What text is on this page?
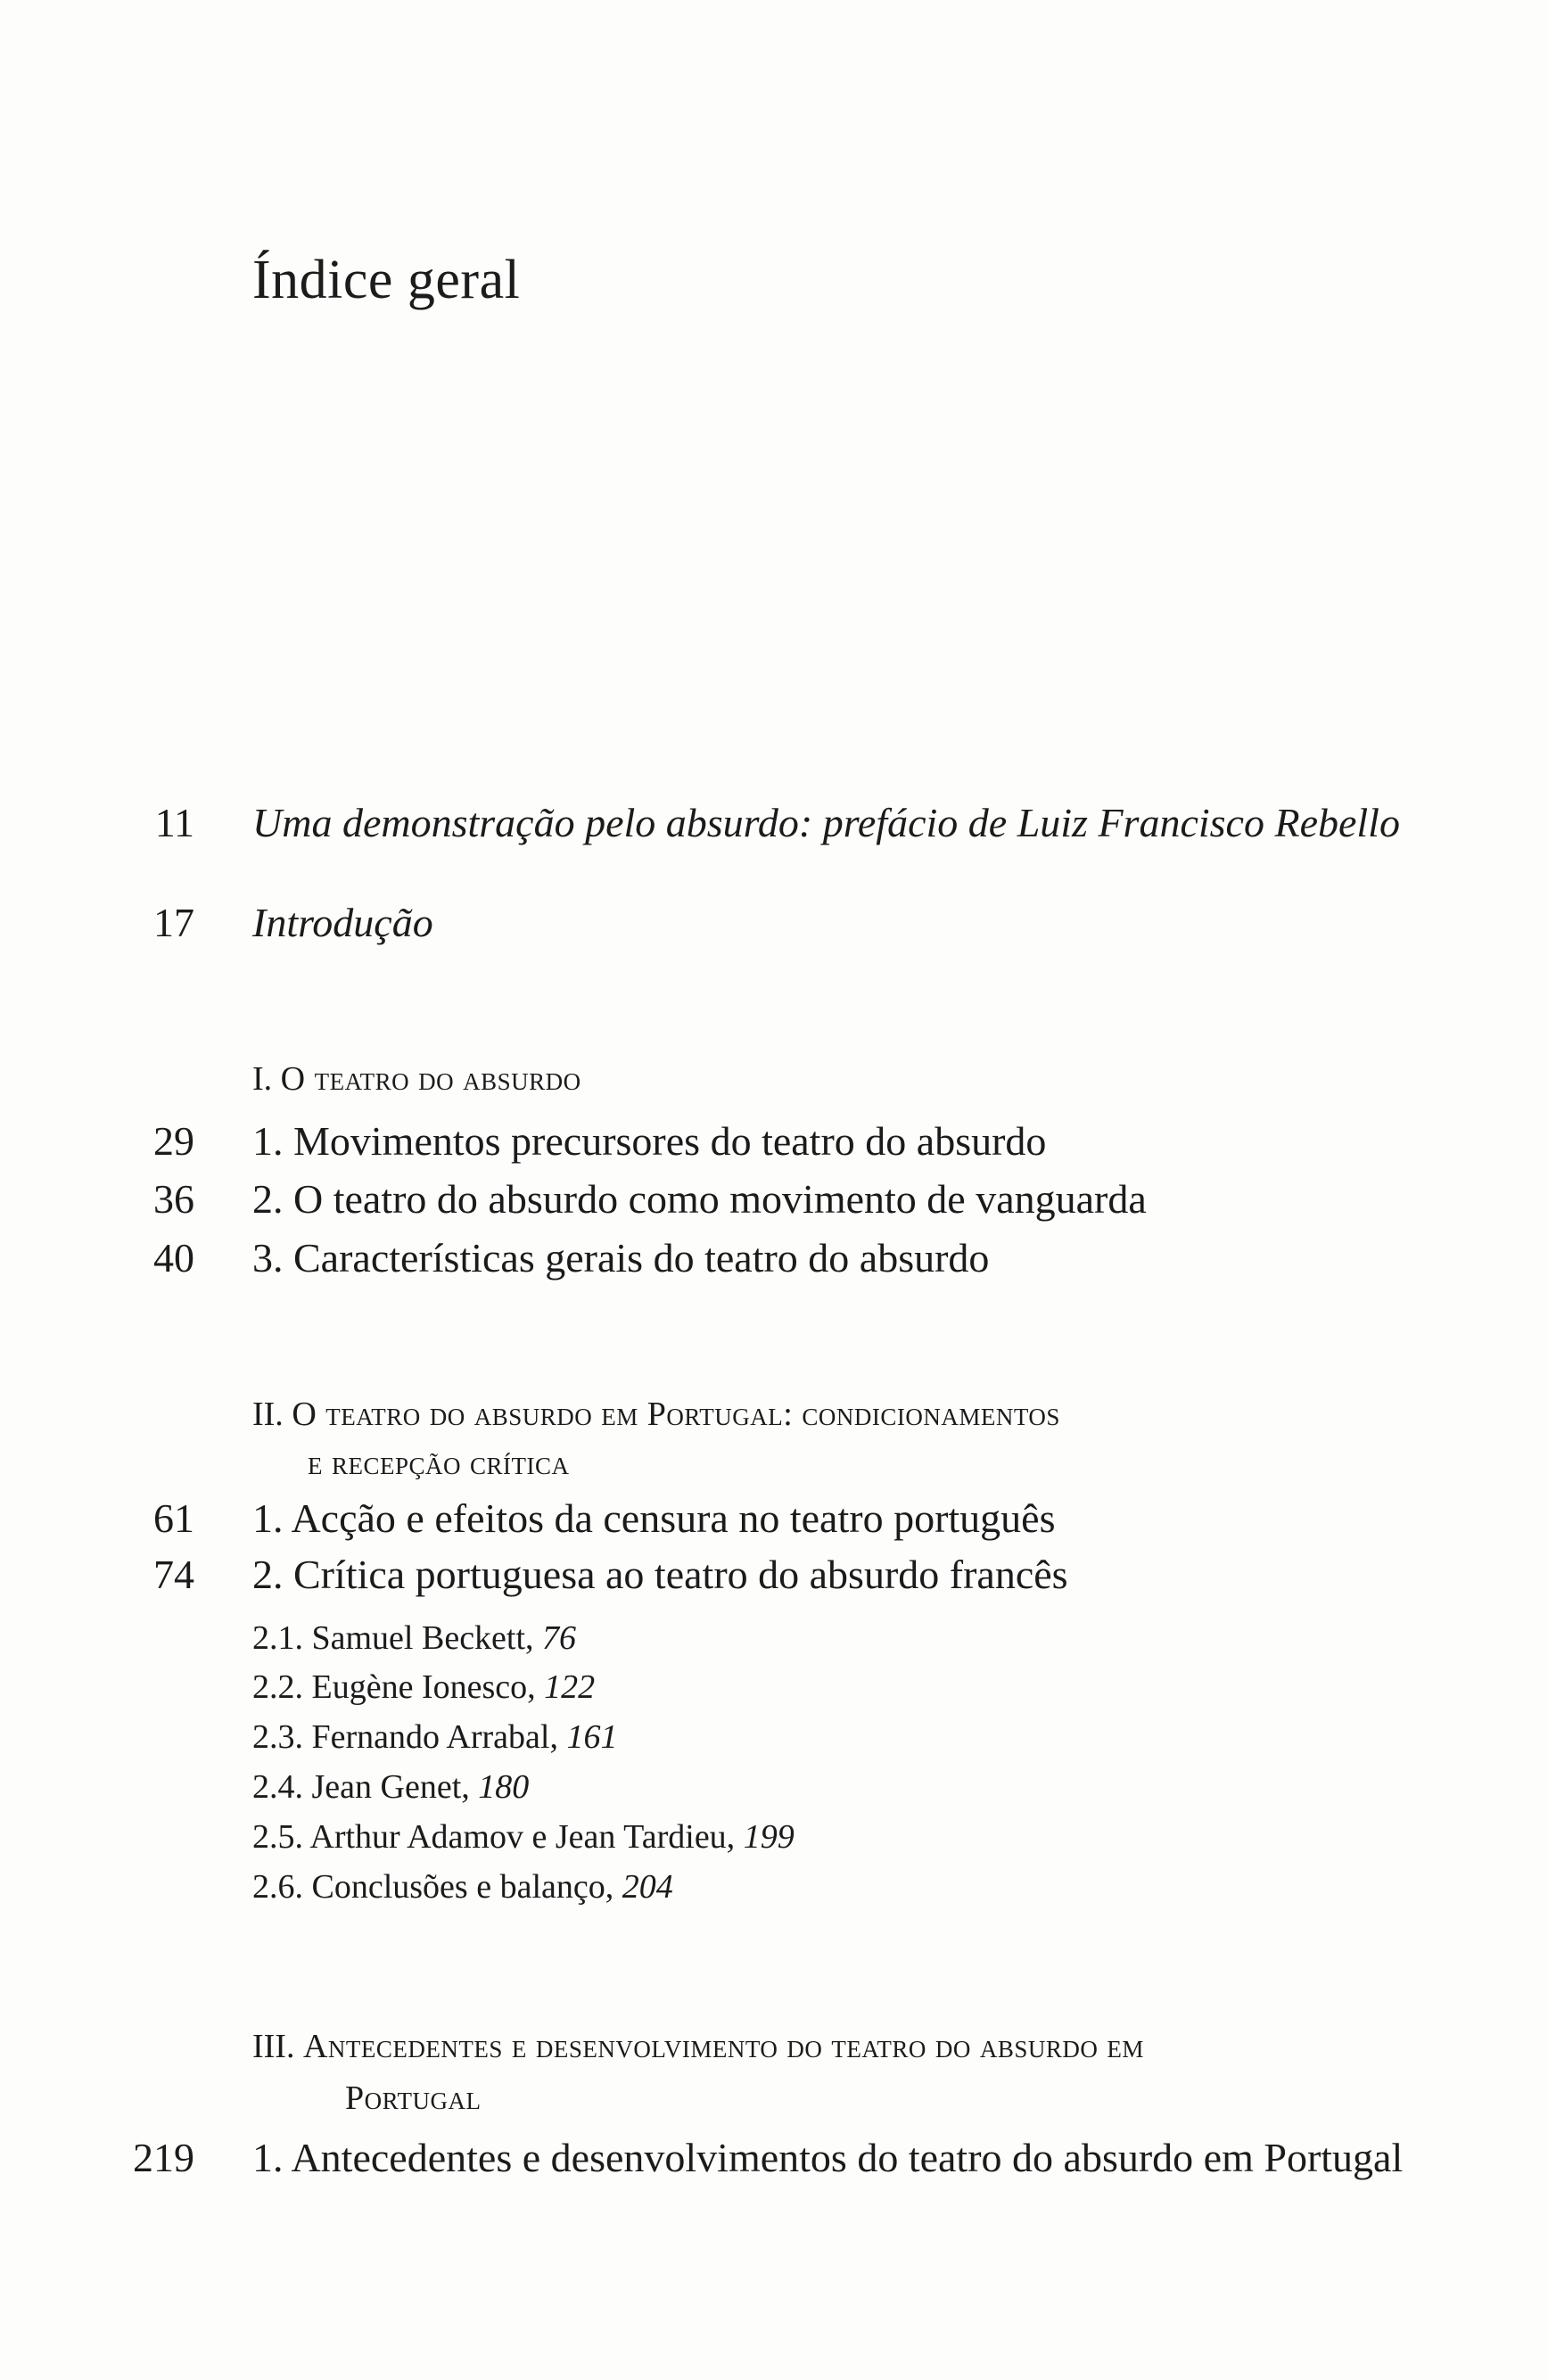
Índice geral
11 Uma demonstração pelo absurdo: prefácio de Luiz Francisco Rebello
17 Introdução
I. O teatro do absurdo
29 1. Movimentos precursores do teatro do absurdo
36 2. O teatro do absurdo como movimento de vanguarda
40 3. Características gerais do teatro do absurdo
II. O teatro do absurdo em Portugal: condicionamentos
e recepção crítica
61 1. Acção e efeitos da censura no teatro português
74 2. Crítica portuguesa ao teatro do absurdo francês
2.1. Samuel Beckett, 76
2.2. Eugène Ionesco, 122
2.3. Fernando Arrabal, 161
2.4. Jean Genet, 180
2.5. Arthur Adamov e Jean Tardieu, 199
2.6. Conclusões e balanço, 204
III. Antecedentes e desenvolvimento do teatro do absurdo em
Portugal
219 1. Antecedentes e desenvolvimentos do teatro do absurdo em Portugal
